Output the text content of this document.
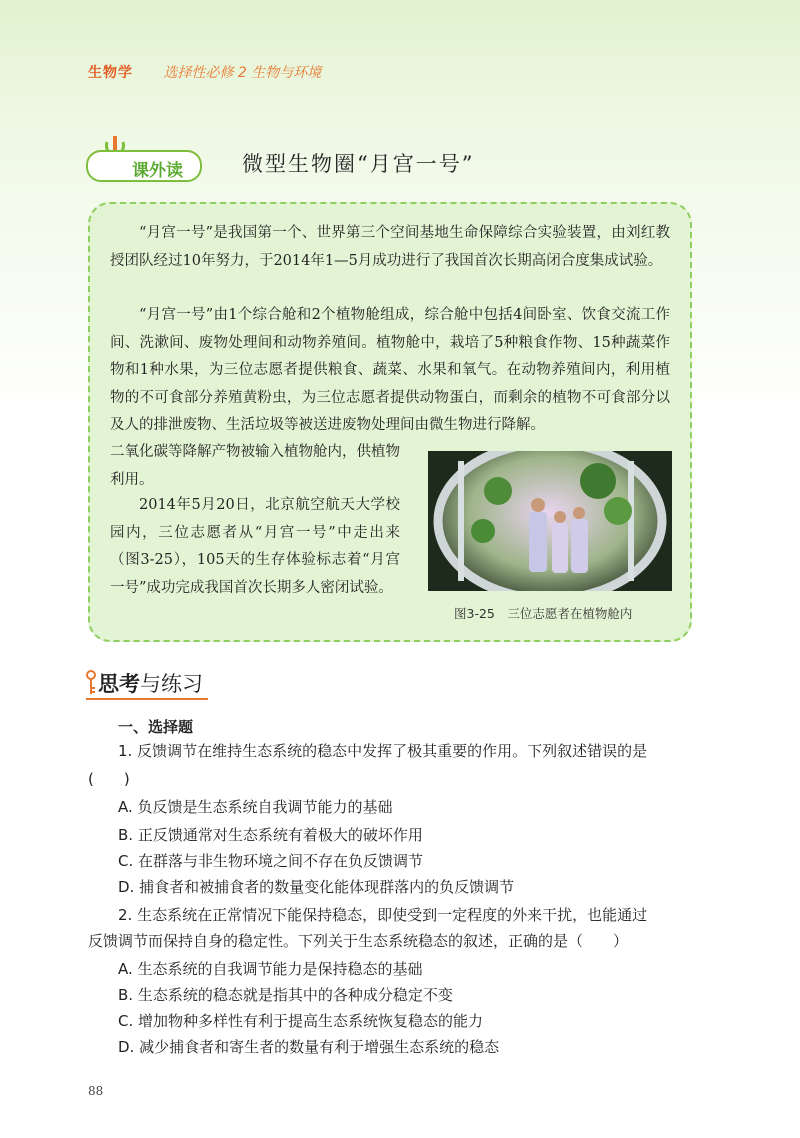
生物学 选择性必修 2 生物与环境
课外读	微型生物圈“月宫一号”
“月宫一号”是我国第一个、世界第三个空间基地生命保障综合实验装置，由刘红教授团队经过10年努力，于2014年1—5月成功进行了我国首次长期高闭合度集成试验。
“月宫一号”由1个综合舱和2个植物舱组成，综合舱中包括4间卧室、饮食交流工作间、洗漱间、废物处理间和动物养殖间。植物舱中，栽培了5种粮食作物、15种蔬菜作物和1种水果，为三位志愿者提供粮食、蔬菜、水果和氧气。在动物养殖间内，利用植物的不可食部分养殖黄粉虫，为三位志愿者提供动物蛋白，而剩余的植物不可食部分以及人的排泄废物、生活垃圾等被送进废物处理间由微生物进行降解。
二氧化碳等降解产物被输入植物舱内，供植物利用。
2014年5月20日，北京航空航天大学校园内，三位志愿者从“月宫一号”中走出来（图3-25），105天的生存体验标志着“月宫一号”成功完成我国首次长期多人密闭试验。
图3-25　三位志愿者在植物舱内
思考与练习
一、选择题
1. 反馈调节在维持生态系统的稳态中发挥了极其重要的作用。下列叙述错误的是
(　　)
A. 负反馈是生态系统自我调节能力的基础
B. 正反馈通常对生态系统有着极大的破坏作用
C. 在群落与非生物环境之间不存在负反馈调节
D. 捕食者和被捕食者的数量变化能体现群落内的负反馈调节
2. 生态系统在正常情况下能保持稳态，即使受到一定程度的外来干扰，也能通过
反馈调节而保持自身的稳定性。下列关于生态系统稳态的叙述，正确的是（　　）
A. 生态系统的自我调节能力是保持稳态的基础
B. 生态系统的稳态就是指其中的各种成分稳定不变
C. 增加物种多样性有利于提高生态系统恢复稳态的能力
D. 减少捕食者和寄生者的数量有利于增强生态系统的稳态
88
